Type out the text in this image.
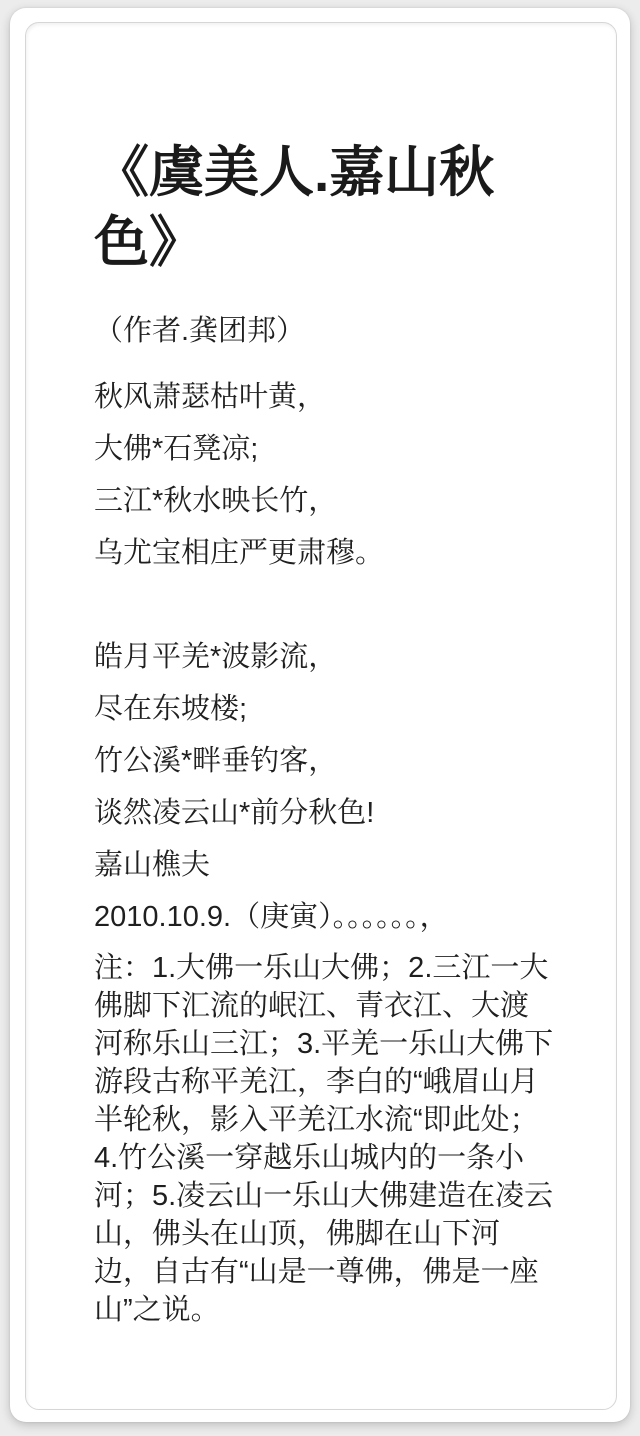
《虞美人.嘉山秋色》

（作者.龚团邦）

秋风萧瑟枯叶黄，

大佛*石凳凉;

三江*秋水映长竹，

乌尤宝相庄严更肃穆。

皓月平羌*波影流，

尽在东坡楼;

竹公溪*畔垂钓客，

谈然凌云山*前分秋色!

嘉山樵夫

2010.10.9.（庚寅）。。。。。。，

注：1.大佛一乐山大佛；2.三江一大

佛脚下汇流的岷江、青衣江、大渡

河称乐山三江；3.平羌一乐山大佛下

游段古称平羌江，李白的“峨眉山月

半轮秋，影入平羌江水流“即此处；

4.竹公溪一穿越乐山城内的一条小

河；5.凌云山一乐山大佛建造在凌云

山，佛头在山顶，佛脚在山下河

边，自古有“山是一尊佛，佛是一座

山”之说。
